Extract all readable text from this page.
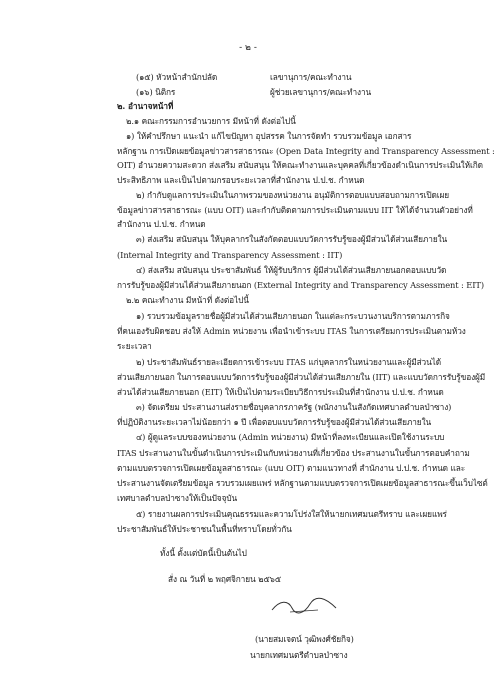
- ๒ -
(๑๕) หัวหน้าสำนักปลัด	เลขานุการ/คณะทำงาน
(๑๖) นิติกร	ผู้ช่วยเลขานุการ/คณะทำงาน
๒. อำนาจหน้าที่
๒.๑ คณะกรรมการอำนวยการ มีหน้าที่ ดังต่อไปนี้
๑) ให้คำปรึกษา แนะนำ แก้ไขปัญหา อุปสรรค ในการจัดทำ รวบรวมข้อมูล เอกสาร
หลักฐาน การเปิดเผยข้อมูลข่าวสารสาธารณะ (Open Data Integrity and Transparency Assessment :
OIT) อำนวยความสะดวก ส่งเสริม สนับสนุน ให้คณะทำงานและบุคคลที่เกี่ยวข้องดำเนินการประเมินให้เกิด
ประสิทธิภาพ และเป็นไปตามกรอบระยะเวลาที่สำนักงาน ป.ป.ช. กำหนด
๒) กำกับดูแลการประเมินในภาพรวมของหน่วยงาน อนุมัติการตอบแบบสอบถามการเปิดเผย
ข้อมูลข่าวสารสาธารณะ (แบบ OIT) และกำกับติดตามการประเมินตามแบบ IIT ให้ได้จำนวนตัวอย่างที่
สำนักงาน ป.ป.ช. กำหนด
๓) ส่งเสริม สนับสนุน ให้บุคลากรในสังกัดตอบแบบวัดการรับรู้ของผู้มีส่วนได้ส่วนเสียภายใน
(Internal Integrity and Transparency Assessment : IIT)
๔) ส่งเสริม สนับสนุน ประชาสัมพันธ์ ให้ผู้รับบริการ ผู้มีส่วนได้ส่วนเสียภายนอกตอบแบบวัด
การรับรู้ของผู้มีส่วนได้ส่วนเสียภายนอก (External Integrity and Transparency Assessment : EIT)
๒.๒ คณะทำงาน มีหน้าที่ ดังต่อไปนี้
๑) รวบรวมข้อมูลรายชื่อผู้มีส่วนได้ส่วนเสียภายนอก ในแต่ละกระบวนงานบริการตามภารกิจ
ที่คนเองรับผิดชอบ ส่งให้ Admin หน่วยงาน เพื่อนำเข้าระบบ ITAS ในการเตรียมการประเมินตามห้วง
ระยะเวลา
๒) ประชาสัมพันธ์รายละเอียดการเข้าระบบ ITAS แก่บุคลากรในหน่วยงานและผู้มีส่วนได้
ส่วนเสียภายนอก ในการตอบแบบวัดการรับรู้ของผู้มีส่วนได้ส่วนเสียภายใน (IIT) และแบบวัดการรับรู้ของผู้มี
ส่วนได้ส่วนเสียภายนอก (EIT) ให้เป็นไปตามระเบียบวิธีการประเมินที่สำนักงาน ป.ป.ช. กำหนด
๓) จัดเตรียม ประสานงานส่งรายชื่อบุคลากรภาครัฐ (พนักงานในสังกัดเทศบาลตำบลป่าซาง)
ที่ปฏิบัติงานระยะเวลาไม่น้อยกว่า ๑ ปี เพื่อตอบแบบวัดการรับรู้ของผู้มีส่วนได้ส่วนเสียภายใน
๔) ผู้ดูแลระบบของหน่วยงาน (Admin หน่วยงาน) มีหน้าที่ลงทะเบียนและเปิดใช้งานระบบ
ITAS ประสานงานในขั้นดำเนินการประเมินกับหน่วยงานที่เกี่ยวข้อง ประสานงานในขั้นการตอบคำถาม
ตามแบบตรวจการเปิดเผยข้อมูลสาธารณะ (แบบ OIT) ตามแนวทางที่ สำนักงาน ป.ป.ช. กำหนด และ
ประสานงานจัดเตรียมข้อมูล รวบรวมเผยแพร่ หลักฐานตามแบบตรวจการเปิดเผยข้อมูลสาธารณะขึ้นเว็บไซต์
เทศบาลตำบลป่าซางให้เป็นปัจจุบัน
๕) รายงานผลการประเมินคุณธรรมและความโปร่งใสให้นายกเทศมนตรีทราบ และเผยแพร่
ประชาสัมพันธ์ให้ประชาชนในพื้นที่ทราบโดยทั่วกัน
ทั้งนี้ ตั้งแต่บัดนี้เป็นต้นไป
สั่ง ณ วันที่ ๒ พฤศจิกายน ๒๕๖๕
(นายสมเจตน์ วุฒิพงศ์ชัยกิจ)
นายกเทศมนตรีตำบลป่าซาง
